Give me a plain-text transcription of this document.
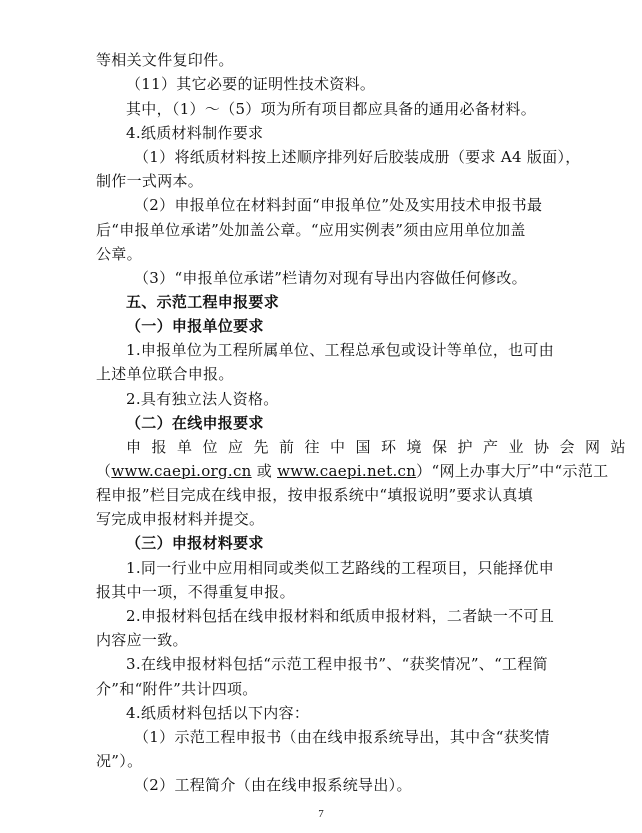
等相关文件复印件。
（11）其它必要的证明性技术资料。
其中，（1）～（5）项为所有项目都应具备的通用必备材料。
4.纸质材料制作要求
（1）将纸质材料按上述顺序排列好后胶装成册（要求 A4 版面），
制作一式两本。
（2）申报单位在材料封面“申报单位”处及实用技术申报书最
后“申报单位承诺”处加盖公章。“应用实例表”须由应用单位加盖
公章。
（3）“申报单位承诺”栏请勿对现有导出内容做任何修改。
五、示范工程申报要求
（一）申报单位要求
1.申报单位为工程所属单位、工程总承包或设计等单位，也可由
上述单位联合申报。
2.具有独立法人资格。
（二）在线申报要求
申报单位应先前往中国环境保护产业协会网站
（www.caepi.org.cn 或 www.caepi.net.cn）“网上办事大厅”中“示范工
程申报”栏目完成在线申报，按申报系统中“填报说明”要求认真填
写完成申报材料并提交。
（三）申报材料要求
1.同一行业中应用相同或类似工艺路线的工程项目，只能择优申
报其中一项，不得重复申报。
2.申报材料包括在线申报材料和纸质申报材料，二者缺一不可且
内容应一致。
3.在线申报材料包括“示范工程申报书”、“获奖情况”、“工程简
介”和“附件”共计四项。
4.纸质材料包括以下内容：
（1）示范工程申报书（由在线申报系统导出，其中含“获奖情
况”）。
（2）工程简介（由在线申报系统导出）。
7
